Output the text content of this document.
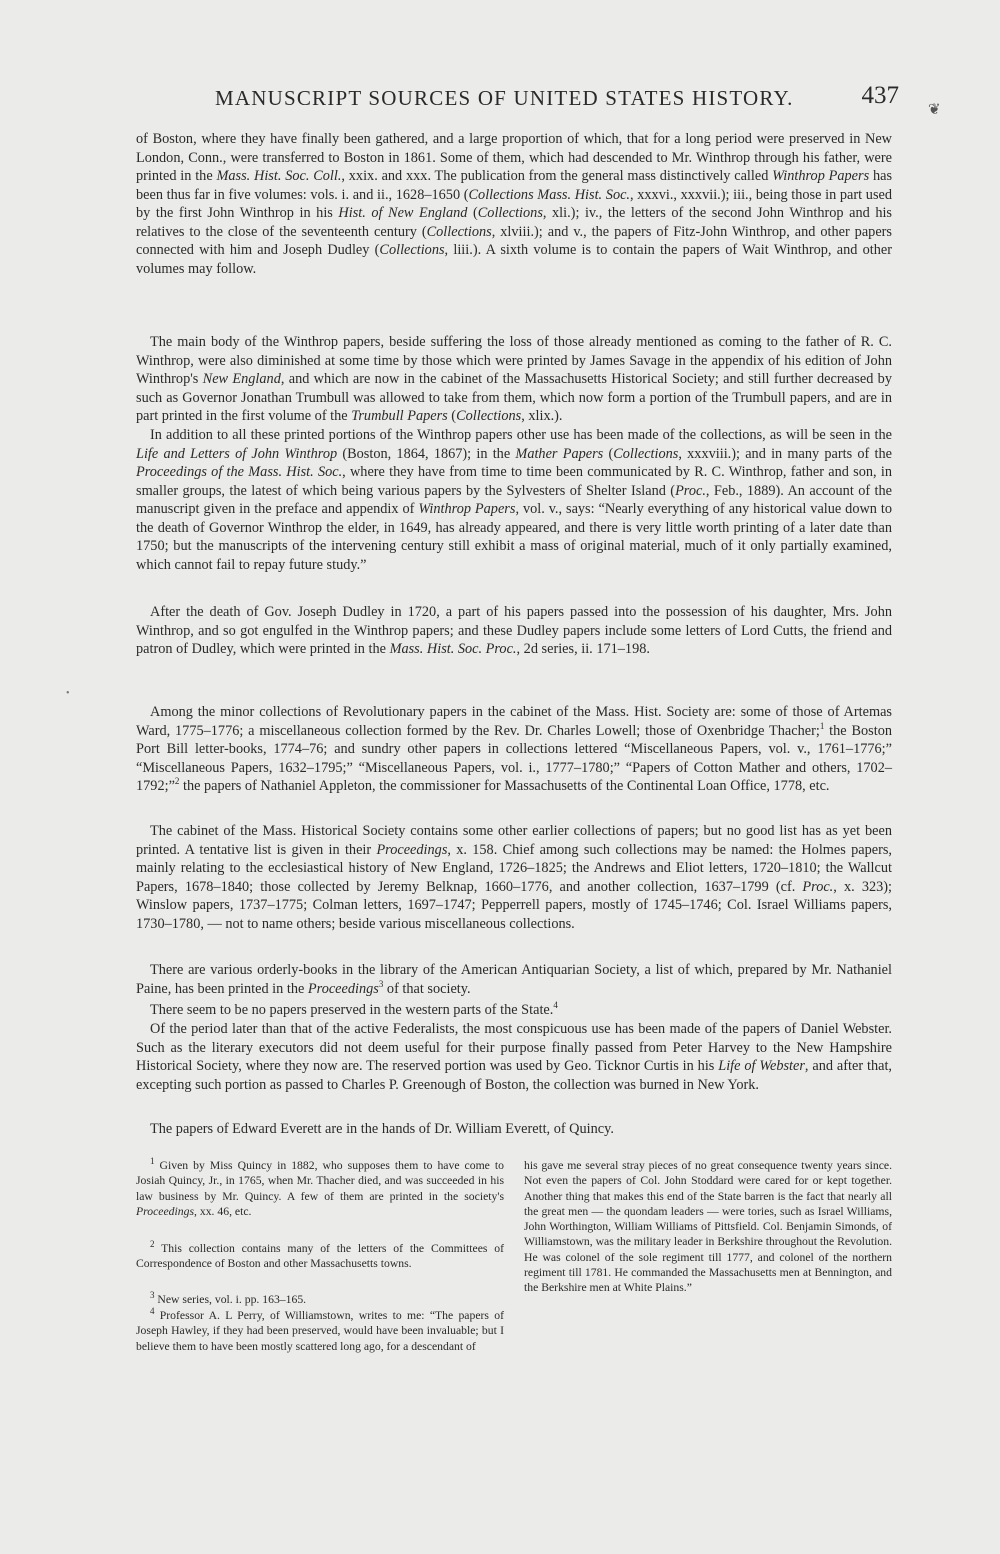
MANUSCRIPT SOURCES OF UNITED STATES HISTORY.	437
❦

of Boston, where they have finally been gathered, and a large proportion of which, that for a long period were preserved in New London, Conn., were transferred to Boston in 1861. Some of them, which had descended to Mr. Winthrop through his father, were printed in the Mass. Hist. Soc. Coll., xxix. and xxx. The publication from the general mass distinctively called Winthrop Papers has been thus far in five volumes: vols. i. and ii., 1628–1650 (Collections Mass. Hist. Soc., xxxvi., xxxvii.); iii., being those in part used by the first John Winthrop in his Hist. of New England (Collections, xli.); iv., the letters of the second John Winthrop and his relatives to the close of the seventeenth century (Collections, xlviii.); and v., the papers of Fitz-John Winthrop, and other papers connected with him and Joseph Dudley (Collections, liii.). A sixth volume is to contain the papers of Wait Winthrop, and other volumes may follow.

The main body of the Winthrop papers, beside suffering the loss of those already mentioned as coming to the father of R. C. Winthrop, were also diminished at some time by those which were printed by James Savage in the appendix of his edition of John Winthrop's New England, and which are now in the cabinet of the Massachusetts Historical Society; and still further decreased by such as Governor Jonathan Trumbull was allowed to take from them, which now form a portion of the Trumbull papers, and are in part printed in the first volume of the Trumbull Papers (Collections, xlix.).

In addition to all these printed portions of the Winthrop papers other use has been made of the collections, as will be seen in the Life and Letters of John Winthrop (Boston, 1864, 1867); in the Mather Papers (Collections, xxxviii.); and in many parts of the Proceedings of the Mass. Hist. Soc., where they have from time to time been communicated by R. C. Winthrop, father and son, in smaller groups, the latest of which being various papers by the Sylvesters of Shelter Island (Proc., Feb., 1889). An account of the manuscript given in the preface and appendix of Winthrop Papers, vol. v., says: “Nearly everything of any historical value down to the death of Governor Winthrop the elder, in 1649, has already appeared, and there is very little worth printing of a later date than 1750; but the manuscripts of the intervening century still exhibit a mass of original material, much of it only partially examined, which cannot fail to repay future study.”

After the death of Gov. Joseph Dudley in 1720, a part of his papers passed into the possession of his daughter, Mrs. John Winthrop, and so got engulfed in the Winthrop papers; and these Dudley papers include some letters of Lord Cutts, the friend and patron of Dudley, which were printed in the Mass. Hist. Soc. Proc., 2d series, ii. 171–198.

•

Among the minor collections of Revolutionary papers in the cabinet of the Mass. Hist. Society are: some of those of Artemas Ward, 1775–1776; a miscellaneous collection formed by the Rev. Dr. Charles Lowell; those of Oxenbridge Thacher;$^1$ the Boston Port Bill letter-books, 1774–76; and sundry other papers in collections lettered “Miscellaneous Papers, vol. v., 1761–1776;” “Miscellaneous Papers, 1632–1795;” “Miscellaneous Papers, vol. i., 1777–1780;” “Papers of Cotton Mather and others, 1702–1792;”$^2$ the papers of Nathaniel Appleton, the commissioner for Massachusetts of the Continental Loan Office, 1778, etc.

The cabinet of the Mass. Historical Society contains some other earlier collections of papers; but no good list has as yet been printed. A tentative list is given in their Proceedings, x. 158. Chief among such collections may be named: the Holmes papers, mainly relating to the ecclesiastical history of New England, 1726–1825; the Andrews and Eliot letters, 1720–1810; the Wallcut Papers, 1678–1840; those collected by Jeremy Belknap, 1660–1776, and another collection, 1637–1799 (cf. Proc., x. 323); Winslow papers, 1737–1775; Colman letters, 1697–1747; Pepperrell papers, mostly of 1745–1746; Col. Israel Williams papers, 1730–1780, — not to name others; beside various miscellaneous collections.

There are various orderly-books in the library of the American Antiquarian Society, a list of which, prepared by Mr. Nathaniel Paine, has been printed in the Proceedings$^3$ of that society.

There seem to be no papers preserved in the western parts of the State.$^4$

Of the period later than that of the active Federalists, the most conspicuous use has been made of the papers of Daniel Webster. Such as the literary executors did not deem useful for their purpose finally passed from Peter Harvey to the New Hampshire Historical Society, where they now are. The reserved portion was used by Geo. Ticknor Curtis in his Life of Webster, and after that, excepting such portion as passed to Charles P. Greenough of Boston, the collection was burned in New York.

The papers of Edward Everett are in the hands of Dr. William Everett, of Quincy.

$^1$ Given by Miss Quincy in 1882, who supposes them to have come to Josiah Quincy, Jr., in 1765, when Mr. Thacher died, and was succeeded in his law business by Mr. Quincy. A few of them are printed in the society's Proceedings, xx. 46, etc.

$^2$ This collection contains many of the letters of the Committees of Correspondence of Boston and other Massachusetts towns.

$^3$ New series, vol. i. pp. 163–165.

$^4$ Professor A. L Perry, of Williamstown, writes to me: “The papers of Joseph Hawley, if they had been preserved, would have been invaluable; but I believe them to have been mostly scattered long ago, for a descendant of

his gave me several stray pieces of no great consequence twenty years since. Not even the papers of Col. John Stoddard were cared for or kept together. Another thing that makes this end of the State barren is the fact that nearly all the great men — the quondam leaders — were tories, such as Israel Williams, John Worthington, William Williams of Pittsfield. Col. Benjamin Simonds, of Williamstown, was the military leader in Berkshire throughout the Revolution. He was colonel of the sole regiment till 1777, and colonel of the northern regiment till 1781. He commanded the Massachusetts men at Bennington, and the Berkshire men at White Plains.”
